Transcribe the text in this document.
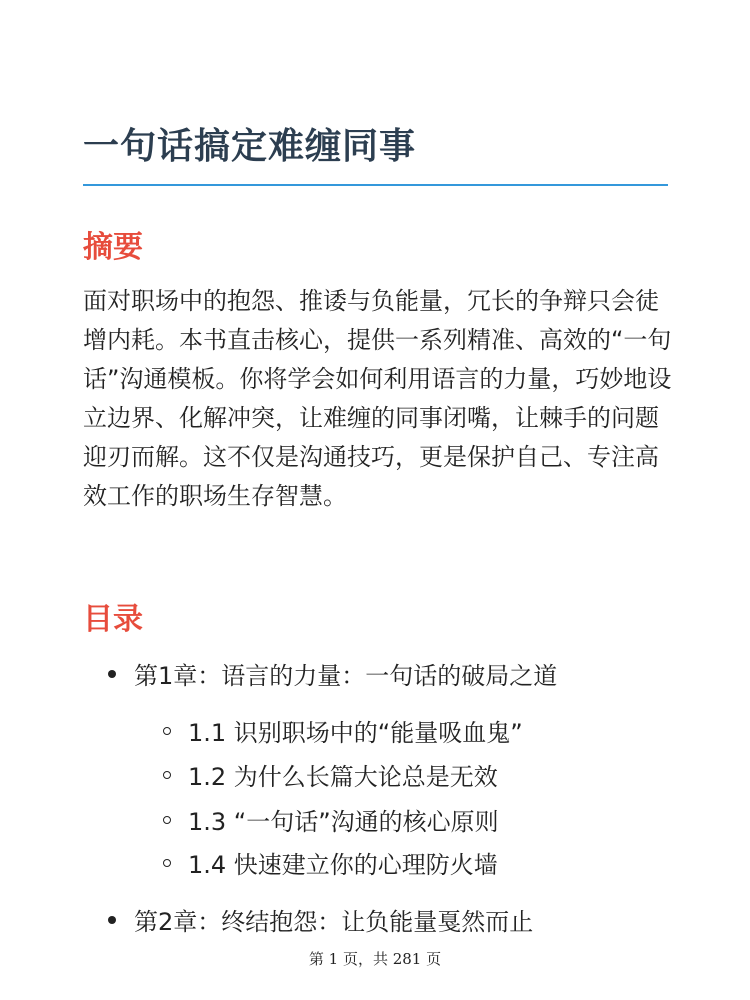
一句话搞定难缠同事
摘要

面对职场中的抱怨、推诿与负能量，冗长的争辩只会徒增内耗。本书直击核心，提供一系列精准、高效的“一句话”沟通模板。你将学会如何利用语言的力量，巧妙地设立边界、化解冲突，让难缠的同事闭嘴，让棘手的问题迎刃而解。这不仅是沟通技巧，更是保护自己、专注高效工作的职场生存智慧。

目录
第1章：语言的力量：一句话的破局之道
1.1 识别职场中的“能量吸血鬼”
1.2 为什么长篇大论总是无效
1.3 “一句话”沟通的核心原则
1.4 快速建立你的心理防火墙
第2章：终结抱怨：让负能量戛然而止
第 1 页，共 281 页
